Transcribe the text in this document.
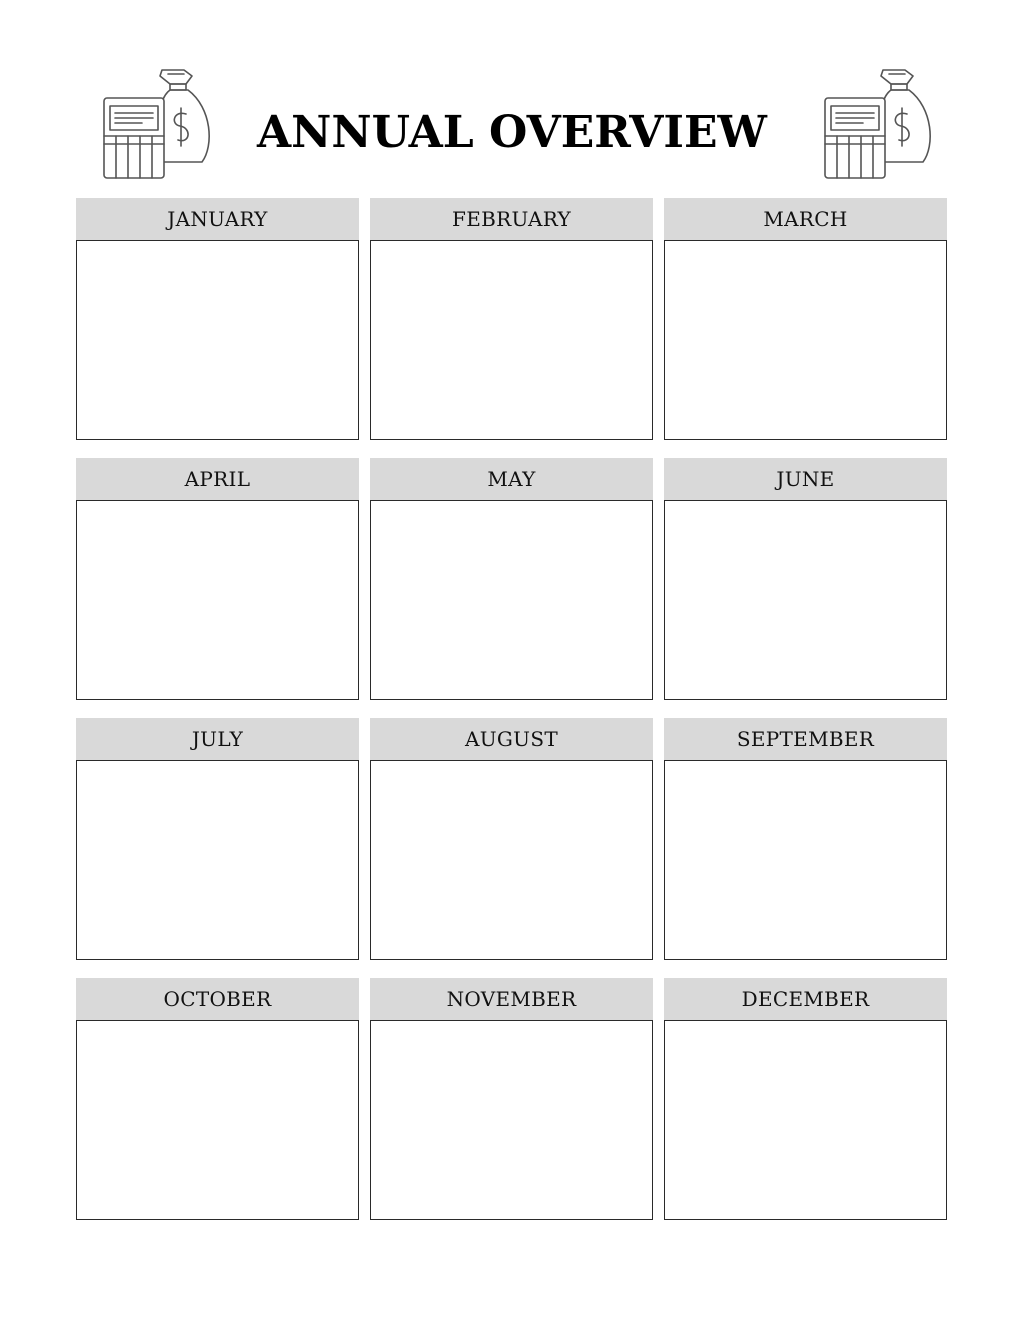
ANNUAL OVERVIEW
JANUARY	FEBRUARY	MARCH
APRIL	MAY	JUNE
JULY	AUGUST	SEPTEMBER
OCTOBER	NOVEMBER	DECEMBER
